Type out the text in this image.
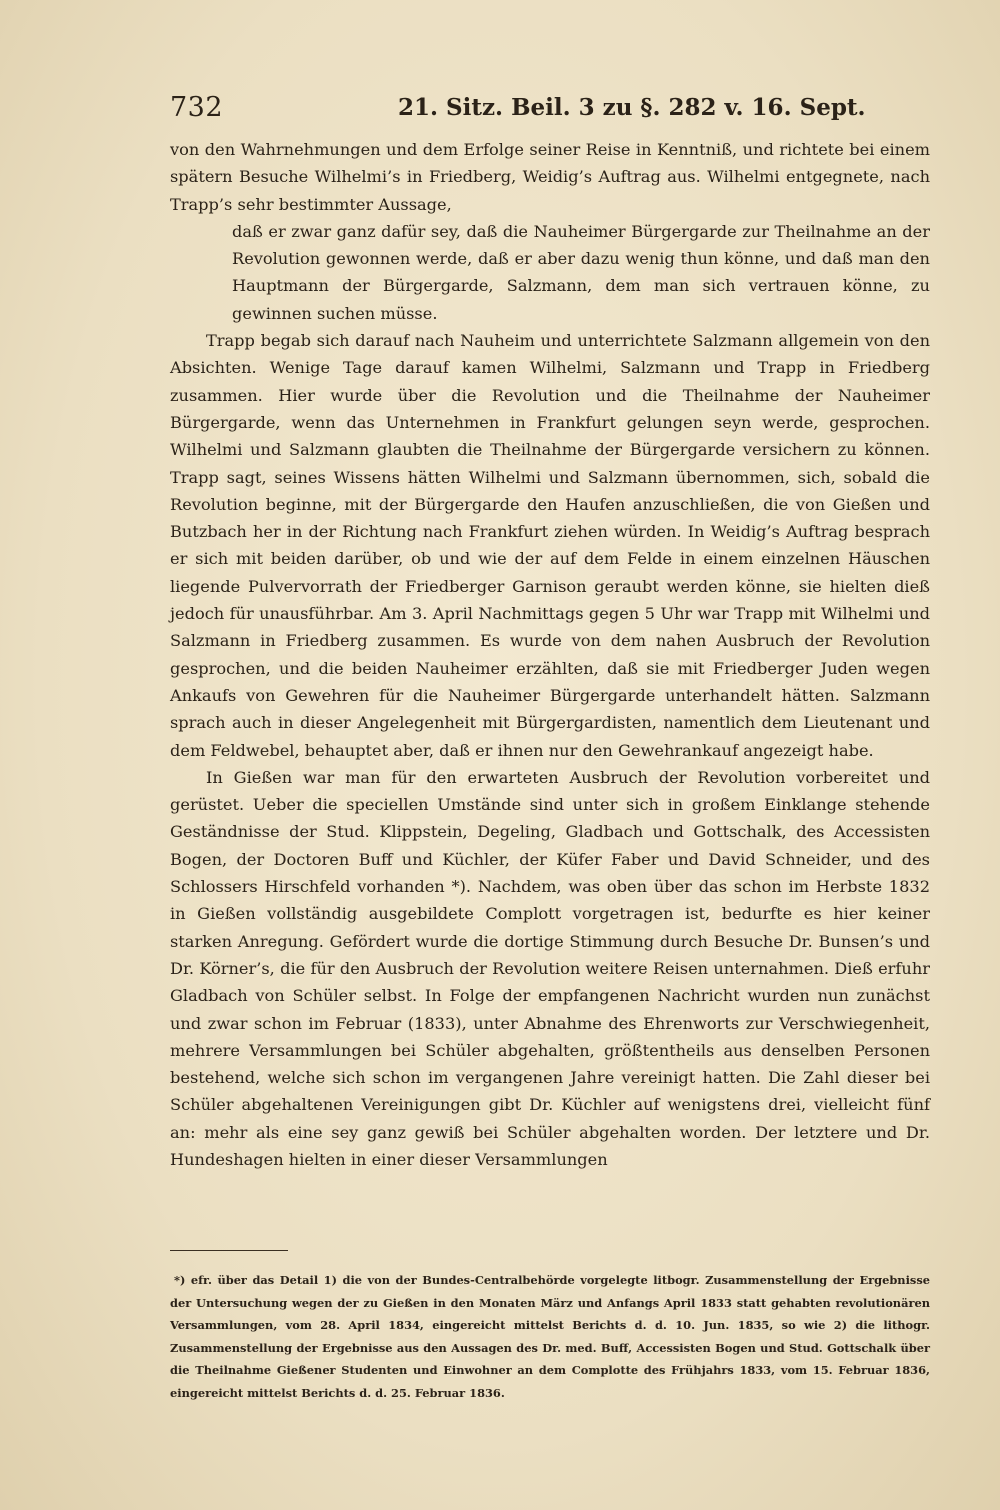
732	21. Sitz. Beil. 3 zu §. 282 v. 16. Sept.

von den Wahrnehmungen und dem Erfolge seiner Reise in Kenntniß, und richtete bei einem spätern Besuche Wilhelmi’s in Friedberg, Weidig’s Auftrag aus. Wilhelmi entgegnete, nach Trapp’s sehr bestimmter Aussage,

daß er zwar ganz dafür sey, daß die Nauheimer Bürgergarde zur Theilnahme an der Revolution gewonnen werde, daß er aber dazu wenig thun könne, und daß man den Hauptmann der Bürgergarde, Salzmann, dem man sich vertrauen könne, zu gewinnen suchen müsse.

Trapp begab sich darauf nach Nauheim und unterrichtete Salzmann allgemein von den Absichten. Wenige Tage darauf kamen Wilhelmi, Salzmann und Trapp in Friedberg zusammen. Hier wurde über die Revolution und die Theilnahme der Nauheimer Bürgergarde, wenn das Unternehmen in Frankfurt gelungen seyn werde, gesprochen. Wilhelmi und Salzmann glaubten die Theilnahme der Bürgergarde versichern zu können. Trapp sagt, seines Wissens hätten Wilhelmi und Salzmann übernommen, sich, sobald die Revolution beginne, mit der Bürgergarde den Haufen anzuschließen, die von Gießen und Butzbach her in der Richtung nach Frankfurt ziehen würden. In Weidig’s Auftrag besprach er sich mit beiden darüber, ob und wie der auf dem Felde in einem einzelnen Häuschen liegende Pulvervorrath der Friedberger Garnison geraubt werden könne, sie hielten dieß jedoch für unausführbar. Am 3. April Nachmittags gegen 5 Uhr war Trapp mit Wilhelmi und Salzmann in Friedberg zusammen. Es wurde von dem nahen Ausbruch der Revolution gesprochen, und die beiden Nauheimer erzählten, daß sie mit Friedberger Juden wegen Ankaufs von Gewehren für die Nauheimer Bürgergarde unterhandelt hätten. Salzmann sprach auch in dieser Angelegenheit mit Bürgergardisten, namentlich dem Lieutenant und dem Feldwebel, behauptet aber, daß er ihnen nur den Gewehrankauf angezeigt habe.

In Gießen war man für den erwarteten Ausbruch der Revolution vorbereitet und gerüstet. Ueber die speciellen Umstände sind unter sich in großem Einklange stehende Geständnisse der Stud. Klippstein, Degeling, Gladbach und Gottschalk, des Accessisten Bogen, der Doctoren Buff und Küchler, der Küfer Faber und David Schneider, und des Schlossers Hirschfeld vorhanden *). Nachdem, was oben über das schon im Herbste 1832 in Gießen vollständig ausgebildete Complott vorgetragen ist, bedurfte es hier keiner starken Anregung. Gefördert wurde die dortige Stimmung durch Besuche Dr. Bunsen’s und Dr. Körner’s, die für den Ausbruch der Revolution weitere Reisen unternahmen. Dieß erfuhr Gladbach von Schüler selbst. In Folge der empfangenen Nachricht wurden nun zunächst und zwar schon im Februar (1833), unter Abnahme des Ehrenworts zur Verschwiegenheit, mehrere Versammlungen bei Schüler abgehalten, größtentheils aus denselben Personen bestehend, welche sich schon im vergangenen Jahre vereinigt hatten. Die Zahl dieser bei Schüler abgehaltenen Vereinigungen gibt Dr. Küchler auf wenigstens drei, vielleicht fünf an: mehr als eine sey ganz gewiß bei Schüler abgehalten worden. Der letztere und Dr. Hundeshagen hielten in einer dieser Versammlungen

*) efr. über das Detail 1) die von der Bundes-Centralbehörde vorgelegte litbogr. Zusammenstellung der Ergebnisse der Untersuchung wegen der zu Gießen in den Monaten März und Anfangs April 1833 statt gehabten revolutionären Versammlungen, vom 28. April 1834, eingereicht mittelst Berichts d. d. 10. Jun. 1835, so wie 2) die lithogr. Zusammenstellung der Ergebnisse aus den Aussagen des Dr. med. Buff, Accessisten Bogen und Stud. Gottschalk über die Theilnahme Gießener Studenten und Einwohner an dem Complotte des Frühjahrs 1833, vom 15. Februar 1836, eingereicht mittelst Berichts d. d. 25. Februar 1836.
